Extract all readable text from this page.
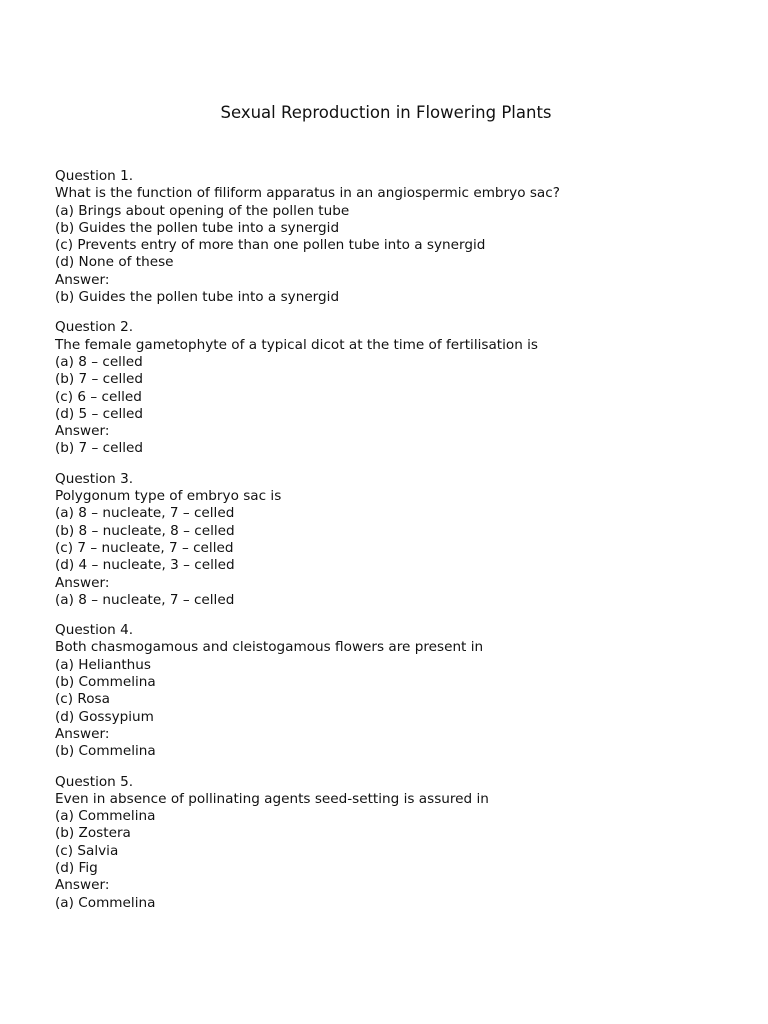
Sexual Reproduction in Flowering Plants
Question 1.
What is the function of filiform apparatus in an angiospermic embryo sac?
(a) Brings about opening of the pollen tube
(b) Guides the pollen tube into a synergid
(c) Prevents entry of more than one pollen tube into a synergid
(d) None of these
Answer:
(b) Guides the pollen tube into a synergid
Question 2.
The female gametophyte of a typical dicot at the time of fertilisation is
(a) 8 – celled
(b) 7 – celled
(c) 6 – celled
(d) 5 – celled
Answer:
(b) 7 – celled
Question 3.
Polygonum type of embryo sac is
(a) 8 – nucleate, 7 – celled
(b) 8 – nucleate, 8 – celled
(c) 7 – nucleate, 7 – celled
(d) 4 – nucleate, 3 – celled
Answer:
(a) 8 – nucleate, 7 – celled
Question 4.
Both chasmogamous and cleistogamous flowers are present in
(a) Helianthus
(b) Commelina
(c) Rosa
(d) Gossypium
Answer:
(b) Commelina
Question 5.
Even in absence of pollinating agents seed-setting is assured in
(a) Commelina
(b) Zostera
(c) Salvia
(d) Fig
Answer:
(a) Commelina
